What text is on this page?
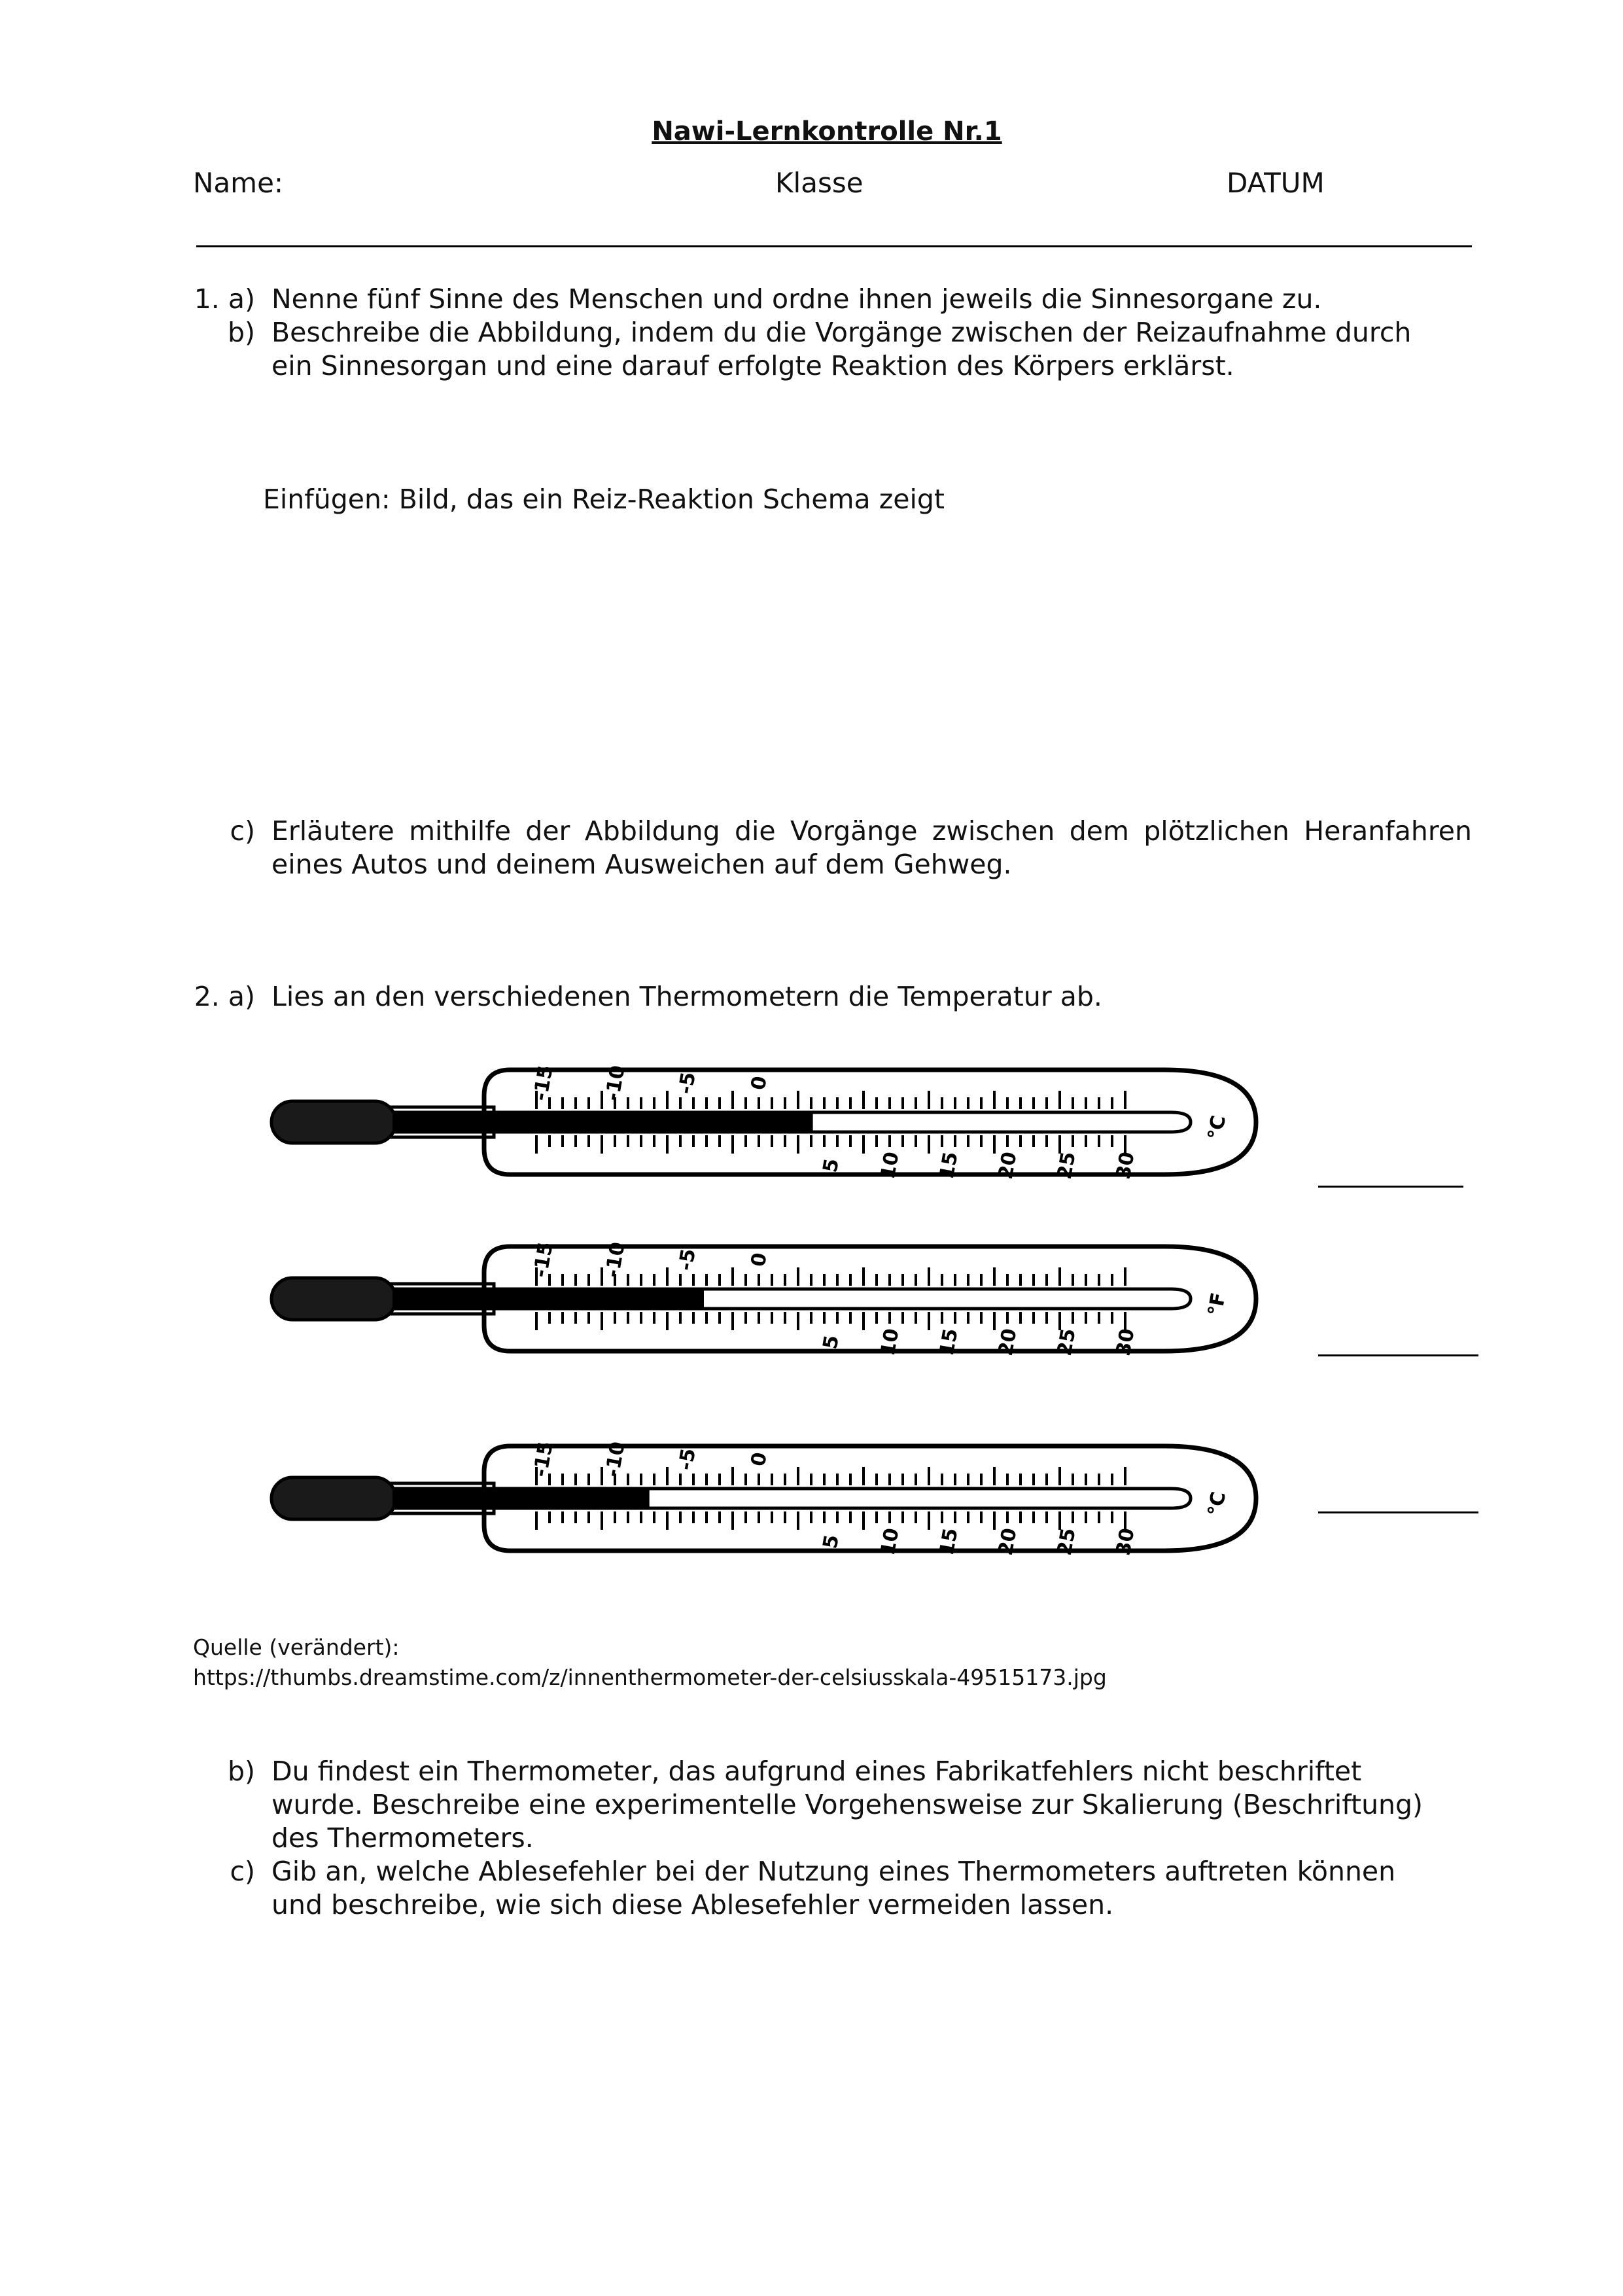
Nawi-Lernkontrolle Nr.1
Name:	Klasse	DATUM
1. a) Nenne fünf Sinne des Menschen und ordne ihnen jeweils die Sinnesorgane zu.
b) Beschreibe die Abbildung, indem du die Vorgänge zwischen der Reizaufnahme durch
ein Sinnesorgan und eine darauf erfolgte Reaktion des Körpers erklärst.
Einfügen: Bild, das ein Reiz-Reaktion Schema zeigt
c) Erläutere mithilfe der Abbildung die Vorgänge zwischen dem plötzlichen Heranfahren
eines Autos und deinem Ausweichen auf dem Gehweg.
2. a) Lies an den verschiedenen Thermometern die Temperatur ab.
-15 -10 -5 0
5 10 15 20 25 30
°C
-15 -10 -5 0
5 10 15 20 25 30
°F
-15 -10 -5 0
5 10 15 20 25 30
°C
Quelle (verändert):
https://thumbs.dreamstime.com/z/innenthermometer-der-celsiusskala-49515173.jpg
b) Du findest ein Thermometer, das aufgrund eines Fabrikatfehlers nicht beschriftet
wurde. Beschreibe eine experimentelle Vorgehensweise zur Skalierung (Beschriftung)
des Thermometers.
c) Gib an, welche Ablesefehler bei der Nutzung eines Thermometers auftreten können
und beschreibe, wie sich diese Ablesefehler vermeiden lassen.
